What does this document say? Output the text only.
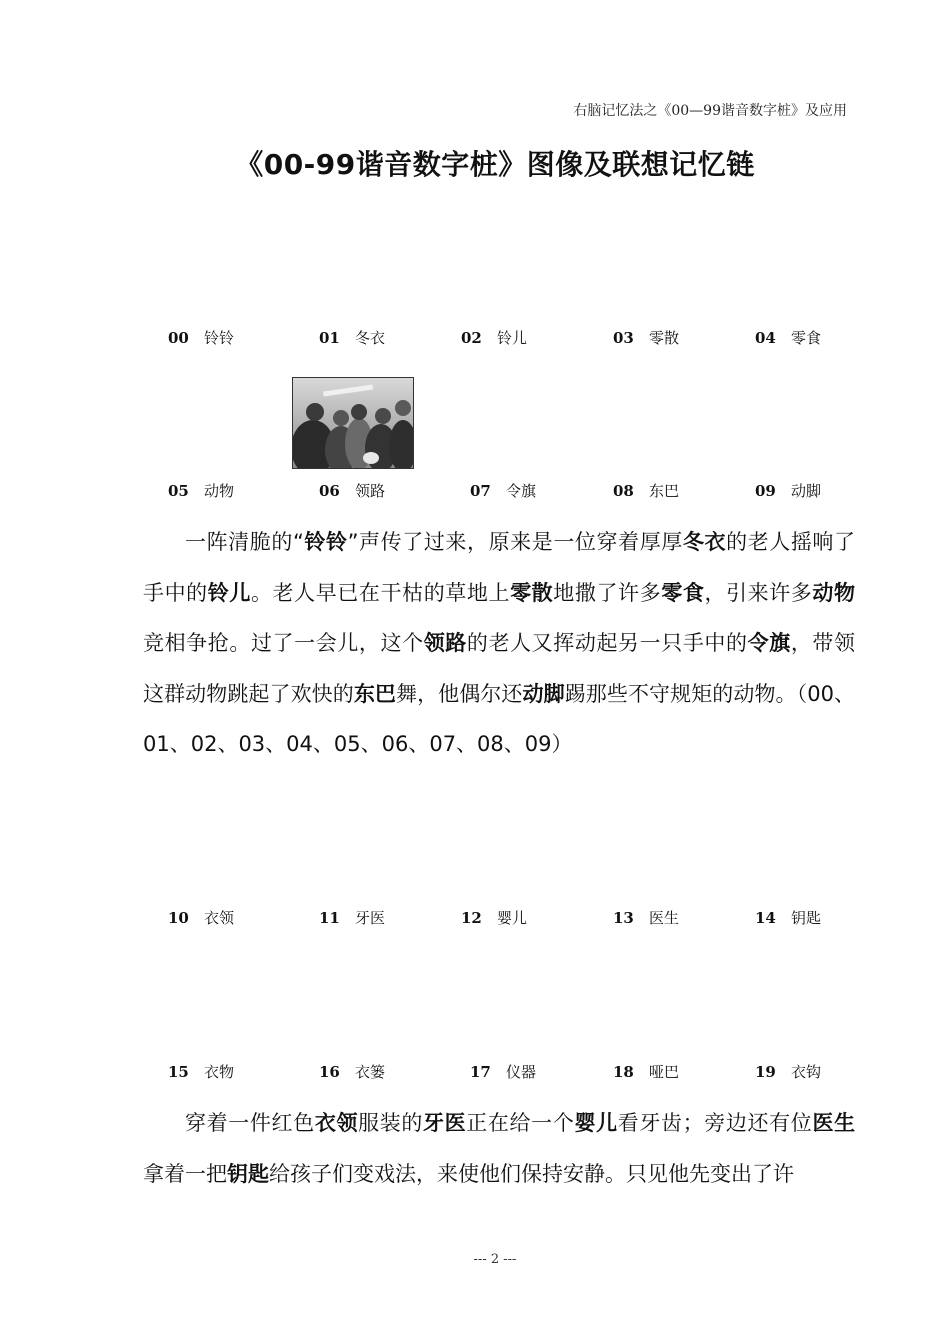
右脑记忆法之《00—99谐音数字桩》及应用
《00-99谐音数字桩》图像及联想记忆链
00 铃铃	01 冬衣	02 铃儿	03 零散	04 零食
05 动物	06 领路	07 令旗	08 东巴	09 动脚
一阵清脆的“铃铃”声传了过来，原来是一位穿着厚厚冬衣的老人摇响了手中的铃儿。老人早已在干枯的草地上零散地撒了许多零食，引来许多动物竞相争抢。过了一会儿，这个领路的老人又挥动起另一只手中的令旗，带领这群动物跳起了欢快的东巴舞，他偶尔还动脚踢那些不守规矩的动物。（00、01、02、03、04、05、06、07、08、09）
10 衣领	11 牙医	12 婴儿	13 医生	14 钥匙
15 衣物	16 衣篓	17 仪器	18 哑巴	19 衣钩
穿着一件红色衣领服装的牙医正在给一个婴儿看牙齿；旁边还有位医生拿着一把钥匙给孩子们变戏法，来使他们保持安静。只见他先变出了许
--- 2 ---
